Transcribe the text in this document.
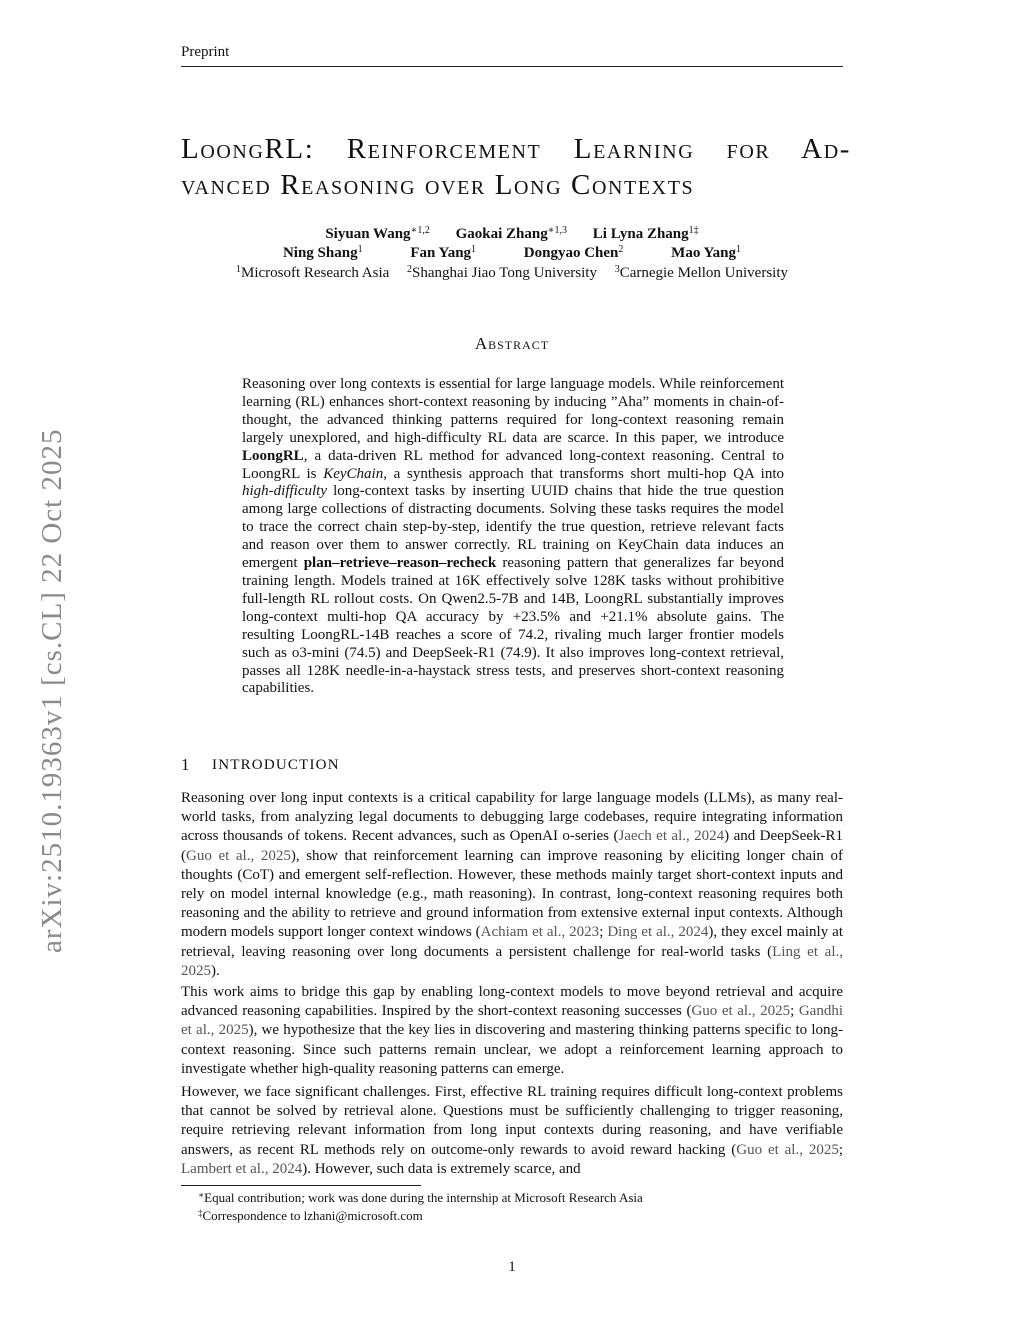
arXiv:2510.19363v1 [cs.CL] 22 Oct 2025
Preprint
LoongRL: Reinforcement Learning for Ad-
vanced Reasoning over Long Contexts
Siyuan Wang$^{∗1,2}$ Gaokai Zhang$^{∗1,3}$ Li Lyna Zhang$^{1\ddagger}$
Ning Shang$^1$	Fan Yang$^1$	Dongyao Chen$^2$	Mao Yang$^1$
$^1$Microsoft Research Asia $^2$Shanghai Jiao Tong University $^3$Carnegie Mellon University
Abstract
Reasoning over long contexts is essential for large language models. While reinforcement learning (RL) enhances short-context reasoning by inducing ”Aha” moments in chain-of-thought, the advanced thinking patterns required for long-context reasoning remain largely unexplored, and high-difficulty RL data are scarce. In this paper, we introduce LoongRL, a data-driven RL method for advanced long-context reasoning. Central to LoongRL is KeyChain, a synthesis approach that transforms short multi-hop QA into high-difficulty long-context tasks by inserting UUID chains that hide the true question among large collections of distracting documents. Solving these tasks requires the model to trace the correct chain step-by-step, identify the true question, retrieve relevant facts and reason over them to answer correctly. RL training on KeyChain data induces an emergent plan–retrieve–reason–recheck reasoning pattern that generalizes far beyond training length. Models trained at 16K effectively solve 128K tasks without prohibitive full-length RL rollout costs. On Qwen2.5-7B and 14B, LoongRL substantially improves long-context multi-hop QA accuracy by +23.5% and +21.1% absolute gains. The resulting LoongRL-14B reaches a score of 74.2, rivaling much larger frontier models such as o3-mini (74.5) and DeepSeek-R1 (74.9). It also improves long-context retrieval, passes all 128K needle-in-a-haystack stress tests, and preserves short-context reasoning capabilities.
1 INTRODUCTION
Reasoning over long input contexts is a critical capability for large language models (LLMs), as many real-world tasks, from analyzing legal documents to debugging large codebases, require integrating information across thousands of tokens. Recent advances, such as OpenAI o-series (Jaech et al., 2024) and DeepSeek-R1 (Guo et al., 2025), show that reinforcement learning can improve reasoning by eliciting longer chain of thoughts (CoT) and emergent self-reflection. However, these methods mainly target short-context inputs and rely on model internal knowledge (e.g., math reasoning). In contrast, long-context reasoning requires both reasoning and the ability to retrieve and ground information from extensive external input contexts. Although modern models support longer context windows (Achiam et al., 2023; Ding et al., 2024), they excel mainly at retrieval, leaving reasoning over long documents a persistent challenge for real-world tasks (Ling et al., 2025).
This work aims to bridge this gap by enabling long-context models to move beyond retrieval and acquire advanced reasoning capabilities. Inspired by the short-context reasoning successes (Guo et al., 2025; Gandhi et al., 2025), we hypothesize that the key lies in discovering and mastering thinking patterns specific to long-context reasoning. Since such patterns remain unclear, we adopt a reinforcement learning approach to investigate whether high-quality reasoning patterns can emerge.
However, we face significant challenges. First, effective RL training requires difficult long-context problems that cannot be solved by retrieval alone. Questions must be sufficiently challenging to trigger reasoning, require retrieving relevant information from long input contexts during reasoning, and have verifiable answers, as recent RL methods rely on outcome-only rewards to avoid reward hacking (Guo et al., 2025; Lambert et al., 2024). However, such data is extremely scarce, and
∗Equal contribution; work was done during the internship at Microsoft Research Asia
‡Correspondence to lzhani@microsoft.com
1
